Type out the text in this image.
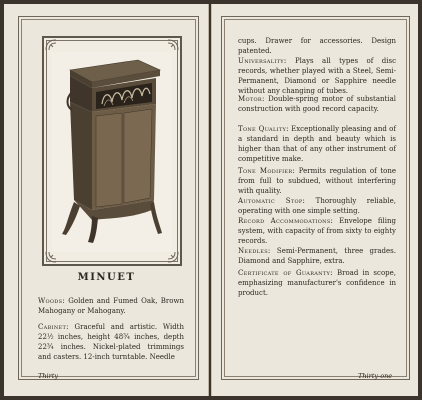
MINUET
Woods: Golden and Fumed Oak, Brown Mahogany or Mahogany.
Cabinet: Graceful and artistic. Width 22½ inches, height 48¾ inches, depth 22¾ inches. Nickel-plated trimmings and casters. 12-inch turntable. Needle
Thirty
cups. Drawer for accessories. Design patented.
Universality: Plays all types of disc records, whether played with a Steel, Semi-Permanent, Diamond or Sapphire needle without any changing of tubes.
Motor: Double-spring motor of substantial construction with good record capacity.
Tone Quality: Exceptionally pleasing and of a standard in depth and beauty which is higher than that of any other instrument of competitive make.
Tone Modifier: Permits regulation of tone from full to subdued, without interfering with quality.
Automatic Stop: Thoroughly reliable, operating with one simple setting.
Record Accommodations: Envelope filing system, with capacity of from sixty to eighty records.
Needles: Semi-Permanent, three grades. Diamond and Sapphire, extra.
Certificate of Guaranty: Broad in scope, emphasizing manufacturer's confidence in product.
Thirty-one
